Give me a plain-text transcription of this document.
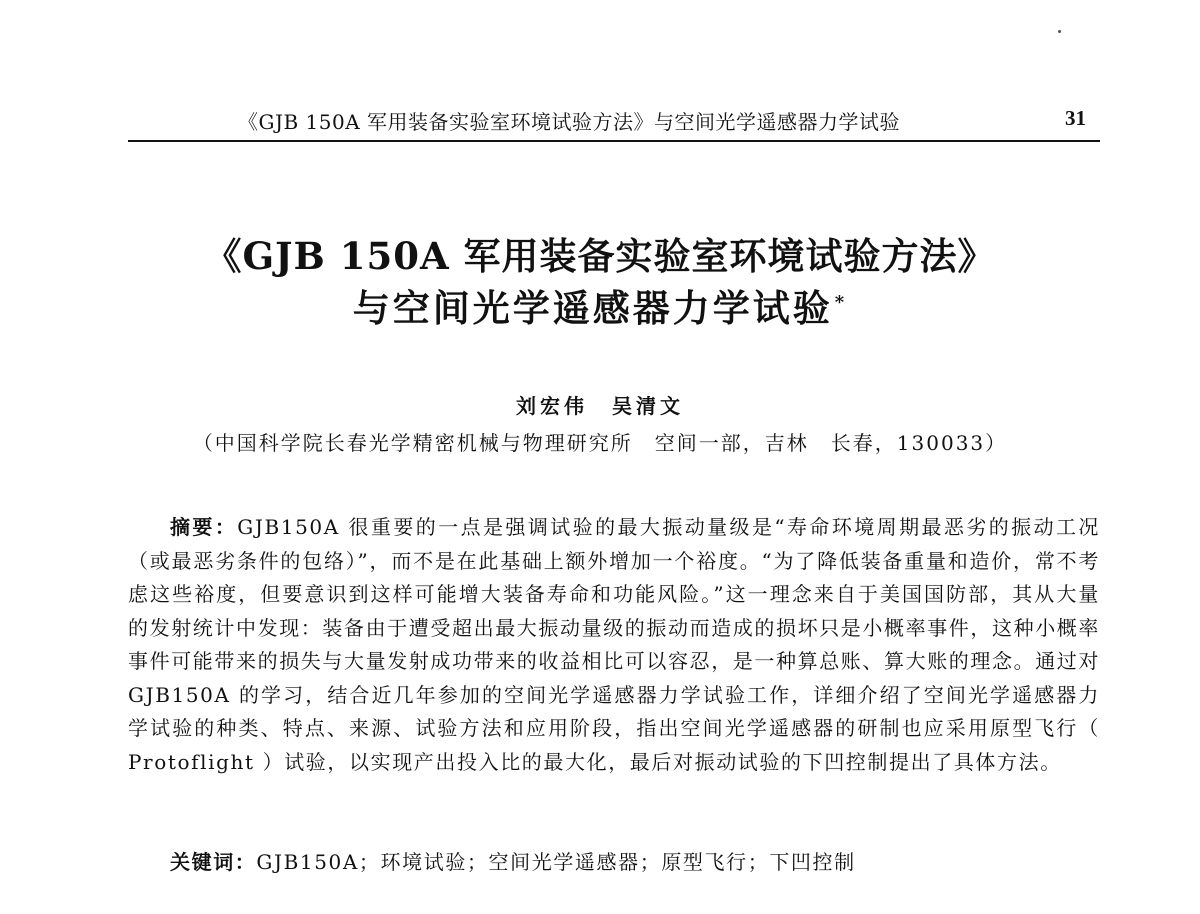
《GJB 150A 军用装备实验室环境试验方法》与空间光学遥感器力学试验	31
《GJB 150A 军用装备实验室环境试验方法》
与空间光学遥感器力学试验 *
刘宏伟　吴清文
（中国科学院长春光学精密机械与物理研究所　空间一部，吉林　长春，130033）

摘要：GJB150A 很重要的一点是强调试验的最大振动量级是“寿命环境周期最恶劣的振动工况（或最恶劣条件的包络）”，而不是在此基础上额外增加一个裕度。“为了降低装备重量和造价，常不考虑这些裕度，但要意识到这样可能增大装备寿命和功能风险。”这一理念来自于美国国防部，其从大量的发射统计中发现：装备由于遭受超出最大振动量级的振动而造成的损坏只是小概率事件，这种小概率事件可能带来的损失与大量发射成功带来的收益相比可以容忍，是一种算总账、算大账的理念。通过对 GJB150A 的学习，结合近几年参加的空间光学遥感器力学试验工作，详细介绍了空间光学遥感器力学试验的种类、特点、来源、试验方法和应用阶段，指出空间光学遥感器的研制也应采用原型飞行（ Protoflight ）试验，以实现产出投入比的最大化，最后对振动试验的下凹控制提出了具体方法。

关键词：GJB150A；环境试验；空间光学遥感器；原型飞行；下凹控制
